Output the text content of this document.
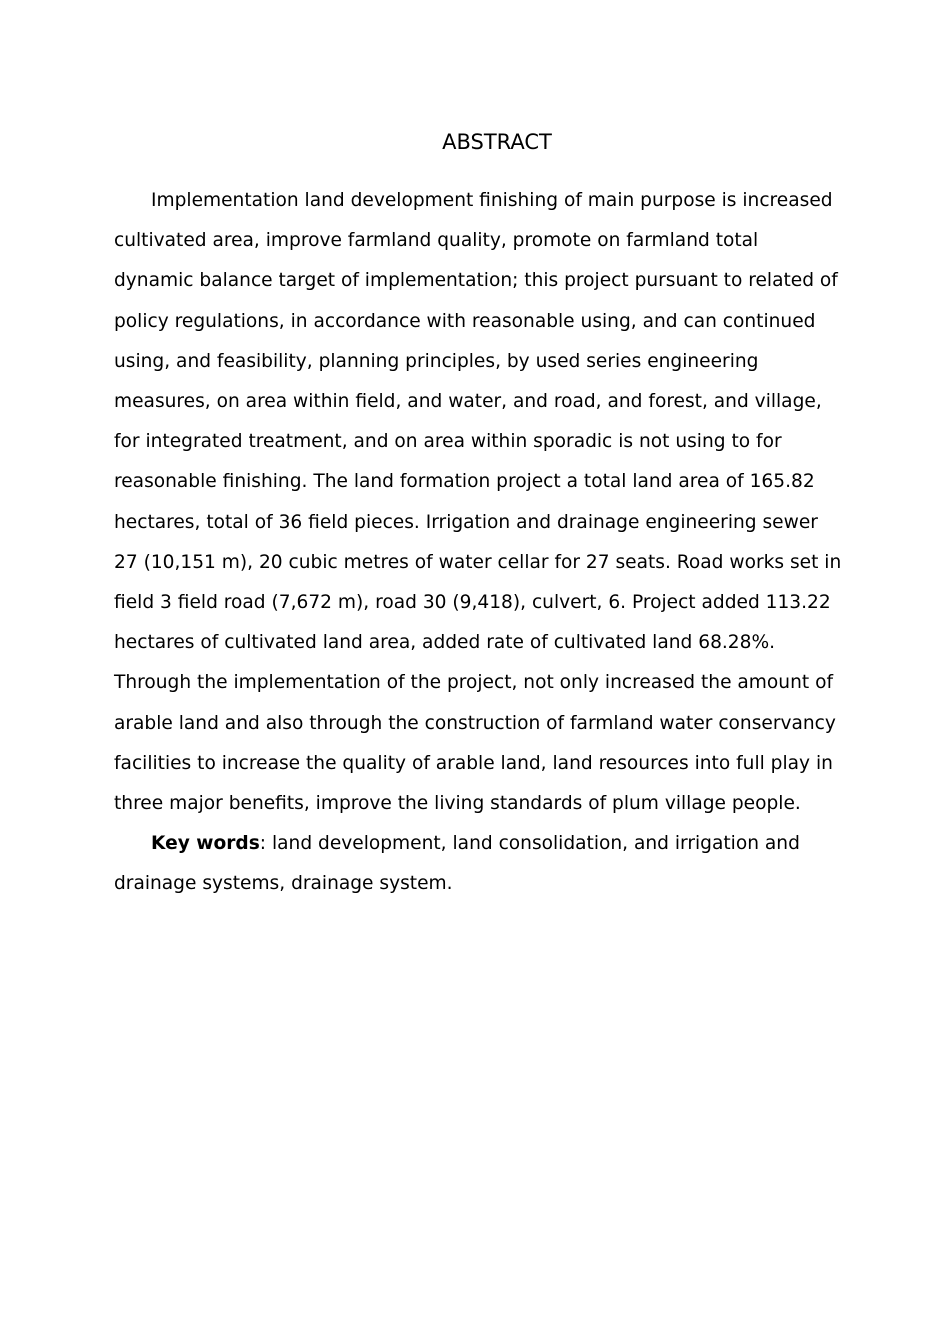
ABSTRACT

Implementation land development finishing of main purpose is increased cultivated area, improve farmland quality, promote on farmland total dynamic balance target of implementation; this project pursuant to related of policy regulations, in accordance with reasonable using, and can continued using, and feasibility, planning principles, by used series engineering measures, on area within field, and water, and road, and forest, and village, for integrated treatment, and on area within sporadic is not using to for reasonable finishing. The land formation project a total land area of 165.82 hectares, total of 36 field pieces. Irrigation and drainage engineering sewer 27 (10,151 m), 20 cubic metres of water cellar for 27 seats. Road works set in field 3 field road (7,672 m), road 30 (9,418), culvert, 6. Project added 113.22 hectares of cultivated land area, added rate of cultivated land 68.28%. Through the implementation of the project, not only increased the amount of arable land and also through the construction of farmland water conservancy facilities to increase the quality of arable land, land resources into full play in three major benefits, improve the living standards of plum village people.

Key words: land development, land consolidation, and irrigation and drainage systems, drainage system.
